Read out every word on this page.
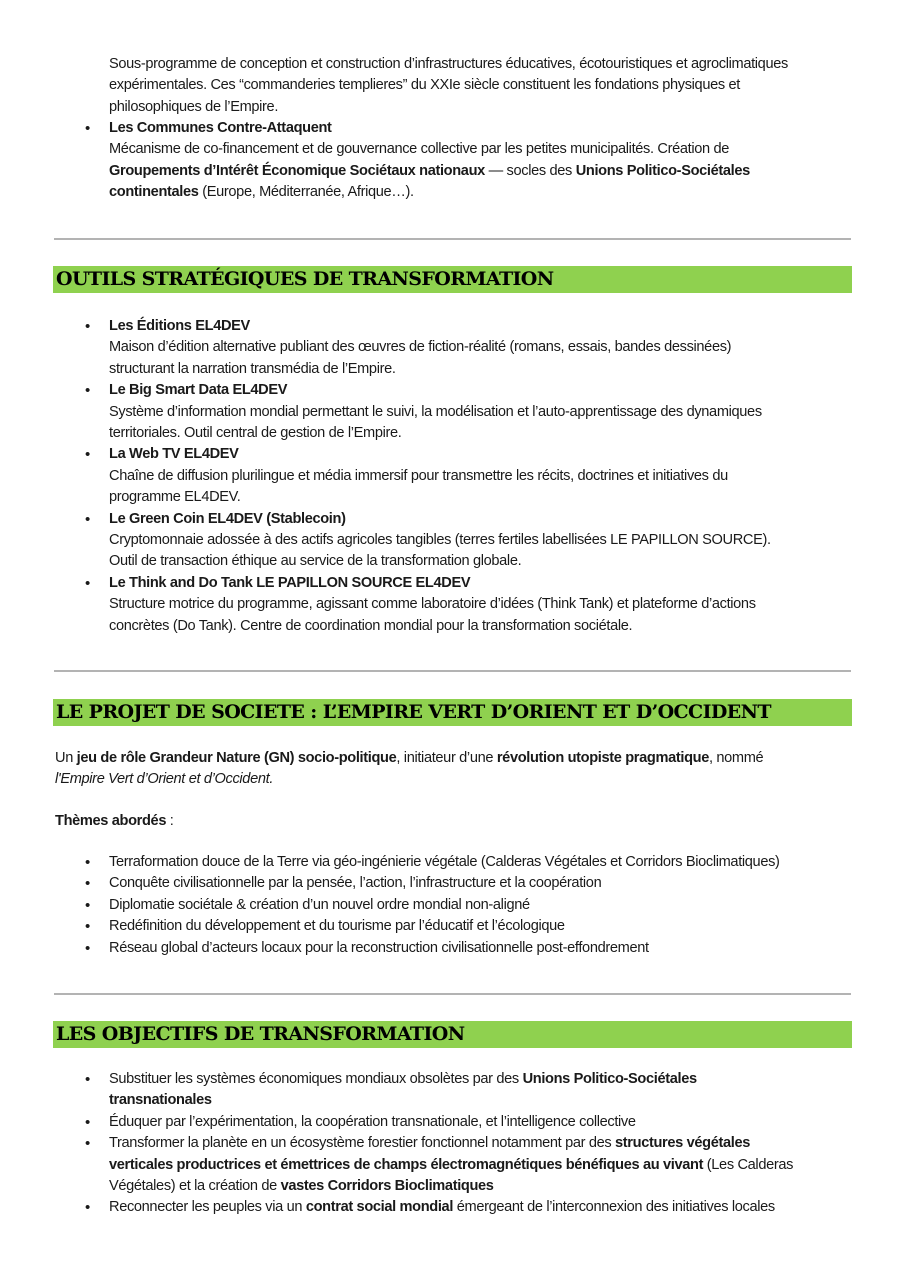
Sous-programme de conception et construction d’infrastructures éducatives, écotouristiques et agroclimatiques
expérimentales. Ces “commanderies templieres” du XXIe siècle constituent les fondations physiques et
philosophiques de l’Empire.
•
Les Communes Contre-Attaquent
Mécanisme de co-financement et de gouvernance collective par les petites municipalités. Création de
Groupements d’Intérêt Économique Sociétaux nationaux — socles des Unions Politico-Sociétales
continentales (Europe, Méditerranée, Afrique…).
OUTILS STRATÉGIQUES DE TRANSFORMATION
•
Les Éditions EL4DEV
Maison d’édition alternative publiant des œuvres de fiction-réalité (romans, essais, bandes dessinées)
structurant la narration transmédia de l’Empire.
•
Le Big Smart Data EL4DEV
Système d’information mondial permettant le suivi, la modélisation et l’auto-apprentissage des dynamiques
territoriales. Outil central de gestion de l’Empire.
•
La Web TV EL4DEV
Chaîne de diffusion plurilingue et média immersif pour transmettre les récits, doctrines et initiatives du
programme EL4DEV.
•
Le Green Coin EL4DEV (Stablecoin)
Cryptomonnaie adossée à des actifs agricoles tangibles (terres fertiles labellisées LE PAPILLON SOURCE).
Outil de transaction éthique au service de la transformation globale.
•
Le Think and Do Tank LE PAPILLON SOURCE EL4DEV
Structure motrice du programme, agissant comme laboratoire d’idées (Think Tank) et plateforme d’actions
concrètes (Do Tank). Centre de coordination mondial pour la transformation sociétale.
LE PROJET DE SOCIETE : L’EMPIRE VERT D’ORIENT ET D’OCCIDENT
Un jeu de rôle Grandeur Nature (GN) socio-politique, initiateur d’une révolution utopiste pragmatique, nommé
l'Empire Vert d’Orient et d’Occident.
Thèmes abordés :
•
Terraformation douce de la Terre via géo-ingénierie végétale (Calderas Végétales et Corridors Bioclimatiques)
•
Conquête civilisationnelle par la pensée, l’action, l’infrastructure et la coopération
•
Diplomatie sociétale & création d’un nouvel ordre mondial non-aligné
•
Redéfinition du développement et du tourisme par l’éducatif et l’écologique
•
Réseau global d’acteurs locaux pour la reconstruction civilisationnelle post-effondrement
LES OBJECTIFS DE TRANSFORMATION
•
Substituer les systèmes économiques mondiaux obsolètes par des Unions Politico-Sociétales
transnationales
•
Éduquer par l’expérimentation, la coopération transnationale, et l’intelligence collective
•
Transformer la planète en un écosystème forestier fonctionnel notamment par des structures végétales
verticales productrices et émettrices de champs électromagnétiques bénéfiques au vivant (Les Calderas
Végétales) et la création de vastes Corridors Bioclimatiques
•
Reconnecter les peuples via un contrat social mondial émergeant de l’interconnexion des initiatives locales
